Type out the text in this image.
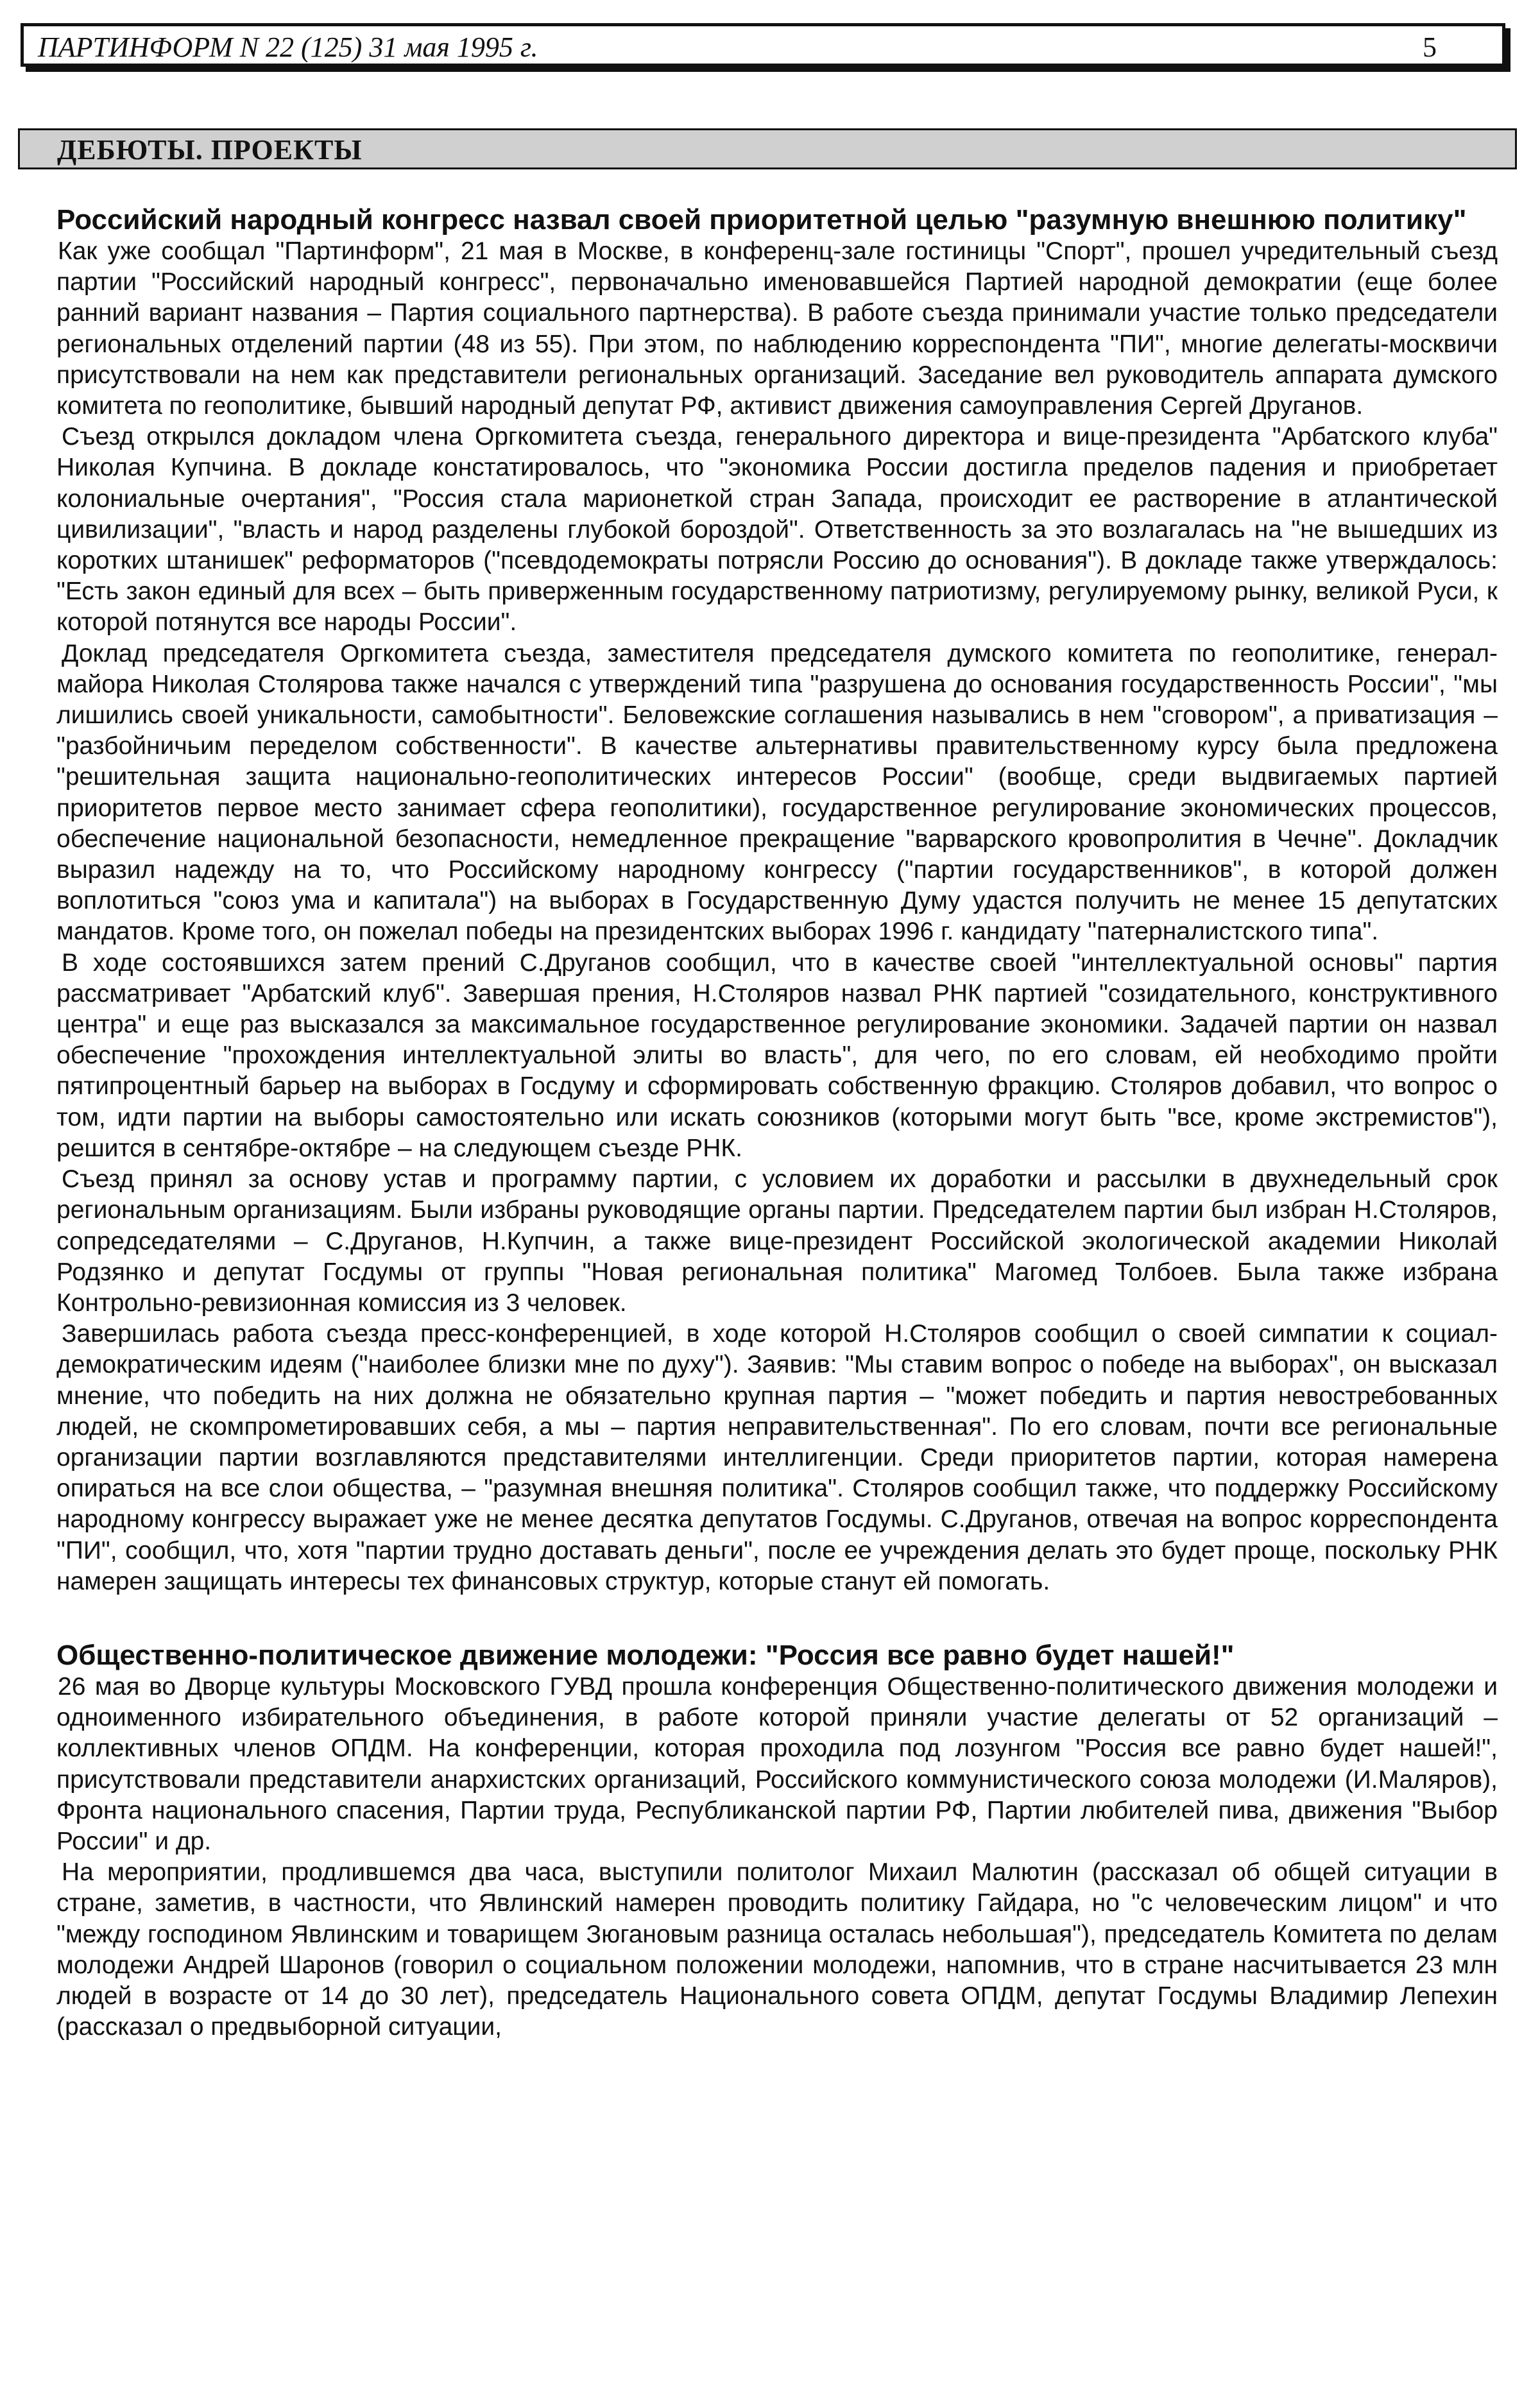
ПАРТИНФОРМ N 22 (125) 31 мая 1995 г.	5
ДЕБЮТЫ. ПРОЕКТЫ

Российский народный конгресс назвал своей приоритетной целью "разумную внешнюю политику"

Как уже сообщал "Партинформ", 21 мая в Москве, в конференц-зале гостиницы "Спорт", прошел учредительный съезд партии "Российский народный конгресс", первоначально именовавшейся Партией народной демократии (еще более ранний вариант названия – Партия социального партнерства). В работе съезда принимали участие только председатели региональных отделений партии (48 из 55). При этом, по наблюдению корреспондента "ПИ", многие делегаты-москвичи присутствовали на нем как представители региональных организаций. Заседание вел руководитель аппарата думского комитета по геополитике, бывший народный депутат РФ, активист движения самоуправления Сергей Друганов.

Съезд открылся докладом члена Оргкомитета съезда, генерального директора и вице-президента "Арбатского клуба" Николая Купчина. В докладе констатировалось, что "экономика России достигла пределов падения и приобретает колониальные очертания", "Россия стала марионеткой стран Запада, происходит ее растворение в атлантической цивилизации", "власть и народ разделены глубокой бороздой". Ответственность за это возлагалась на "не вышедших из коротких штанишек" реформаторов ("псевдодемократы потрясли Россию до основания"). В докладе также утверждалось: "Есть закон единый для всех – быть приверженным государственному патриотизму, регулируемому рынку, великой Руси, к которой потянутся все народы России".

Доклад председателя Оргкомитета съезда, заместителя председателя думского комитета по геополитике, генерал-майора Николая Столярова также начался с утверждений типа "разрушена до основания государственность России", "мы лишились своей уникальности, самобытности". Беловежские соглашения назывались в нем "сговором", а приватизация – "разбойничьим переделом собственности". В качестве альтернативы правительственному курсу была предложена "решительная защита национально-геополитических интересов России" (вообще, среди выдвигаемых партией приоритетов первое место занимает сфера геополитики), государственное регулирование экономических процессов, обеспечение национальной безопасности, немедленное прекращение "варварского кровопролития в Чечне". Докладчик выразил надежду на то, что Российскому народному конгрессу ("партии государственников", в которой должен воплотиться "союз ума и капитала") на выборах в Государственную Думу удастся получить не менее 15 депутатских мандатов. Кроме того, он пожелал победы на президентских выборах 1996 г. кандидату "патерналистского типа".

В ходе состоявшихся затем прений С.Друганов сообщил, что в качестве своей "интеллектуальной основы" партия рассматривает "Арбатский клуб". Завершая прения, Н.Столяров назвал РНК партией "созидательного, конструктивного центра" и еще раз высказался за максимальное государственное регулирование экономики. Задачей партии он назвал обеспечение "прохождения интеллектуальной элиты во власть", для чего, по его словам, ей необходимо пройти пятипроцентный барьер на выборах в Госдуму и сформировать собственную фракцию. Столяров добавил, что вопрос о том, идти партии на выборы самостоятельно или искать союзников (которыми могут быть "все, кроме экстремистов"), решится в сентябре-октябре – на следующем съезде РНК.

Съезд принял за основу устав и программу партии, с условием их доработки и рассылки в двухнедельный срок региональным организациям. Были избраны руководящие органы партии. Председателем партии был избран Н.Столяров, сопредседателями – С.Друганов, Н.Купчин, а также вице-президент Российской экологической академии Николай Родзянко и депутат Госдумы от группы "Новая региональная политика" Магомед Толбоев. Была также избрана Контрольно-ревизионная комиссия из 3 человек.

Завершилась работа съезда пресс-конференцией, в ходе которой Н.Столяров сообщил о своей симпатии к социал-демократическим идеям ("наиболее близки мне по духу"). Заявив: "Мы ставим вопрос о победе на выборах", он высказал мнение, что победить на них должна не обязательно крупная партия – "может победить и партия невостребованных людей, не скомпрометировавших себя, а мы – партия неправительственная". По его словам, почти все региональные организации партии возглавляются представителями интеллигенции. Среди приоритетов партии, которая намерена опираться на все слои общества, – "разумная внешняя политика". Столяров сообщил также, что поддержку Российскому народному конгрессу выражает уже не менее десятка депутатов Госдумы. С.Друганов, отвечая на вопрос корреспондента "ПИ", сообщил, что, хотя "партии трудно доставать деньги", после ее учреждения делать это будет проще, поскольку РНК намерен защищать интересы тех финансовых структур, которые станут ей помогать.

Общественно-политическое движение молодежи: "Россия все равно будет нашей!"

26 мая во Дворце культуры Московского ГУВД прошла конференция Общественно-политического движения молодежи и одноименного избирательного объединения, в работе которой приняли участие делегаты от 52 организаций – коллективных членов ОПДМ. На конференции, которая проходила под лозунгом "Россия все равно будет нашей!", присутствовали представители анархистских организаций, Российского коммунистического союза молодежи (И.Маляров), Фронта национального спасения, Партии труда, Республиканской партии РФ, Партии любителей пива, движения "Выбор России" и др.

На мероприятии, продлившемся два часа, выступили политолог Михаил Малютин (рассказал об общей ситуации в стране, заметив, в частности, что Явлинский намерен проводить политику Гайдара, но "с человеческим лицом" и что "между господином Явлинским и товарищем Зюгановым разница осталась небольшая"), председатель Комитета по делам молодежи Андрей Шаронов (говорил о социальном положении молодежи, напомнив, что в стране насчитывается 23 млн людей в возрасте от 14 до 30 лет), председатель Национального совета ОПДМ, депутат Госдумы Владимир Лепехин (рассказал о предвыборной ситуации,
